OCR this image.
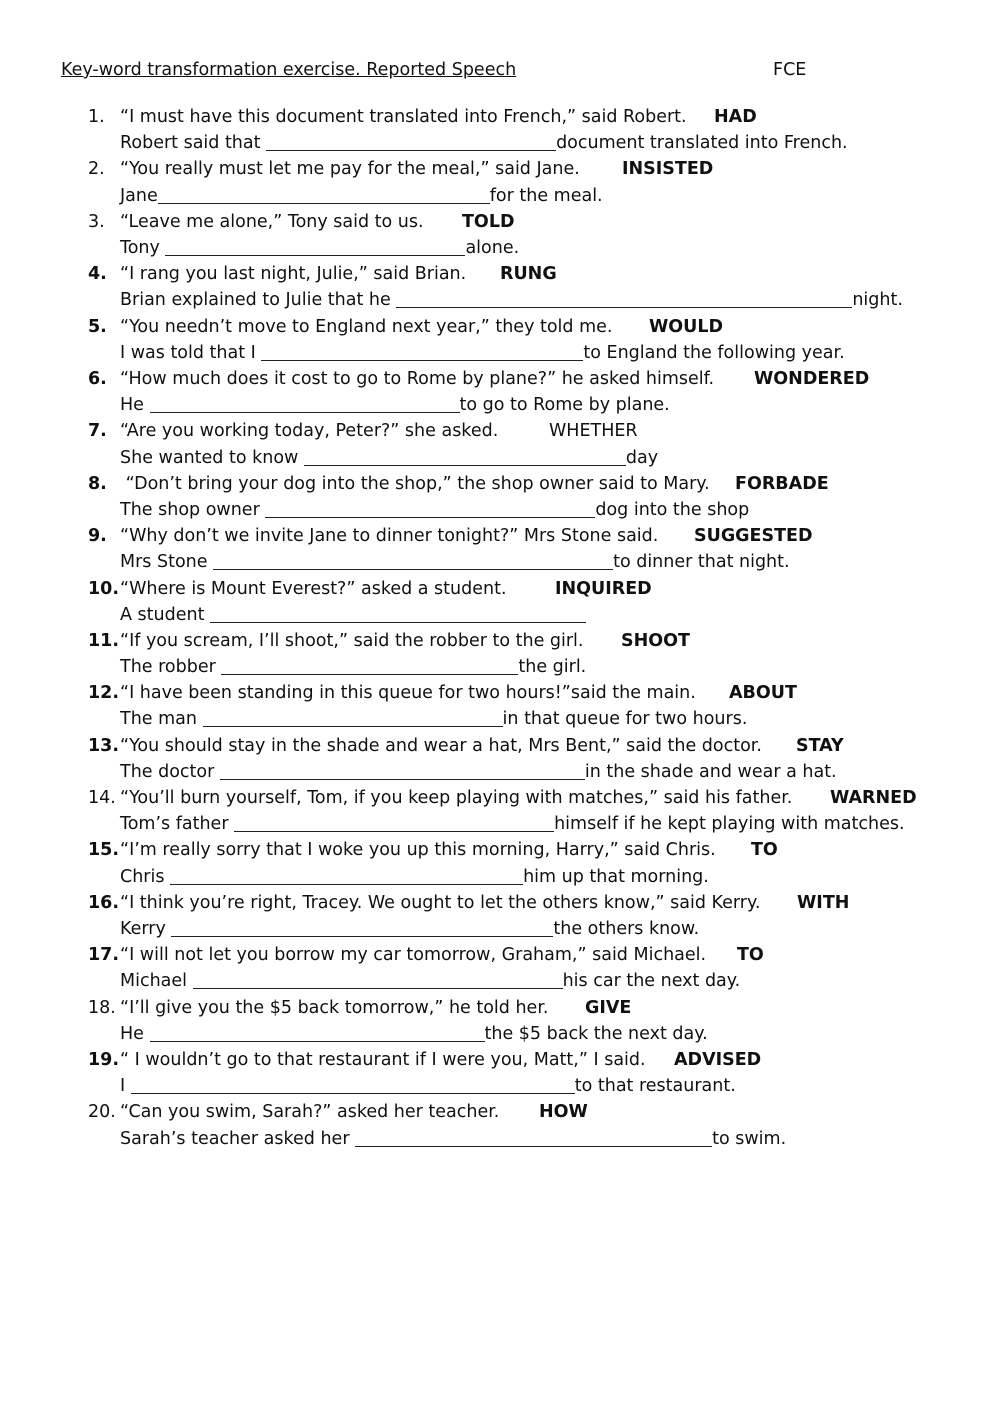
Key-word transformation exercise. Reported Speech	FCE
1. “I must have this document translated into French,” said Robert. HAD
Robert said that	document translated into French.
2. “You really must let me pay for the meal,” said Jane. INSISTED
Jane	for the meal.
3. “Leave me alone,” Tony said to us. TOLD
Tony	alone.
4. “I rang you last night, Julie,” said Brian. RUNG
Brian explained to Julie that he	night.
5. “You needn’t move to England next year,” they told me. WOULD
I was told that I	to England the following year.
6. “How much does it cost to go to Rome by plane?” he asked himself. WONDERED
He	to go to Rome by plane.
7. “Are you working today, Peter?” she asked.	WHETHER
She wanted to know	day
8. “Don’t bring your dog into the shop,” the shop owner said to Mary. FORBADE
The shop owner	dog into the shop
9. “Why don’t we invite Jane to dinner tonight?” Mrs Stone said. SUGGESTED
Mrs Stone	to dinner that night.
10.“Where is Mount Everest?” asked a student.	INQUIRED
A student
11.“If you scream, I’ll shoot,” said the robber to the girl. SHOOT
The robber	the girl.
12.“I have been standing in this queue for two hours!”said the main. ABOUT
The man	in that queue for two hours.
13.“You should stay in the shade and wear a hat, Mrs Bent,” said the doctor. STAY
The doctor	in the shade and wear a hat.
14. “You’ll burn yourself, Tom, if you keep playing with matches,” said his father. WARNED
Tom’s father	himself if he kept playing with matches.
15.“I’m really sorry that I woke you up this morning, Harry,” said Chris. TO
Chris	him up that morning.
16.“I think you’re right, Tracey. We ought to let the others know,” said Kerry. WITH
Kerry	the others know.
17.“I will not let you borrow my car tomorrow, Graham,” said Michael. TO
Michael	his car the next day.
18. “I’ll give you the $5 back tomorrow,” he told her. GIVE
He	the $5 back the next day.
19.“ I wouldn’t go to that restaurant if I were you, Matt,” I said. ADVISED
I	to that restaurant.
20. “Can you swim, Sarah?” asked her teacher. HOW
Sarah’s teacher asked her	to swim.
